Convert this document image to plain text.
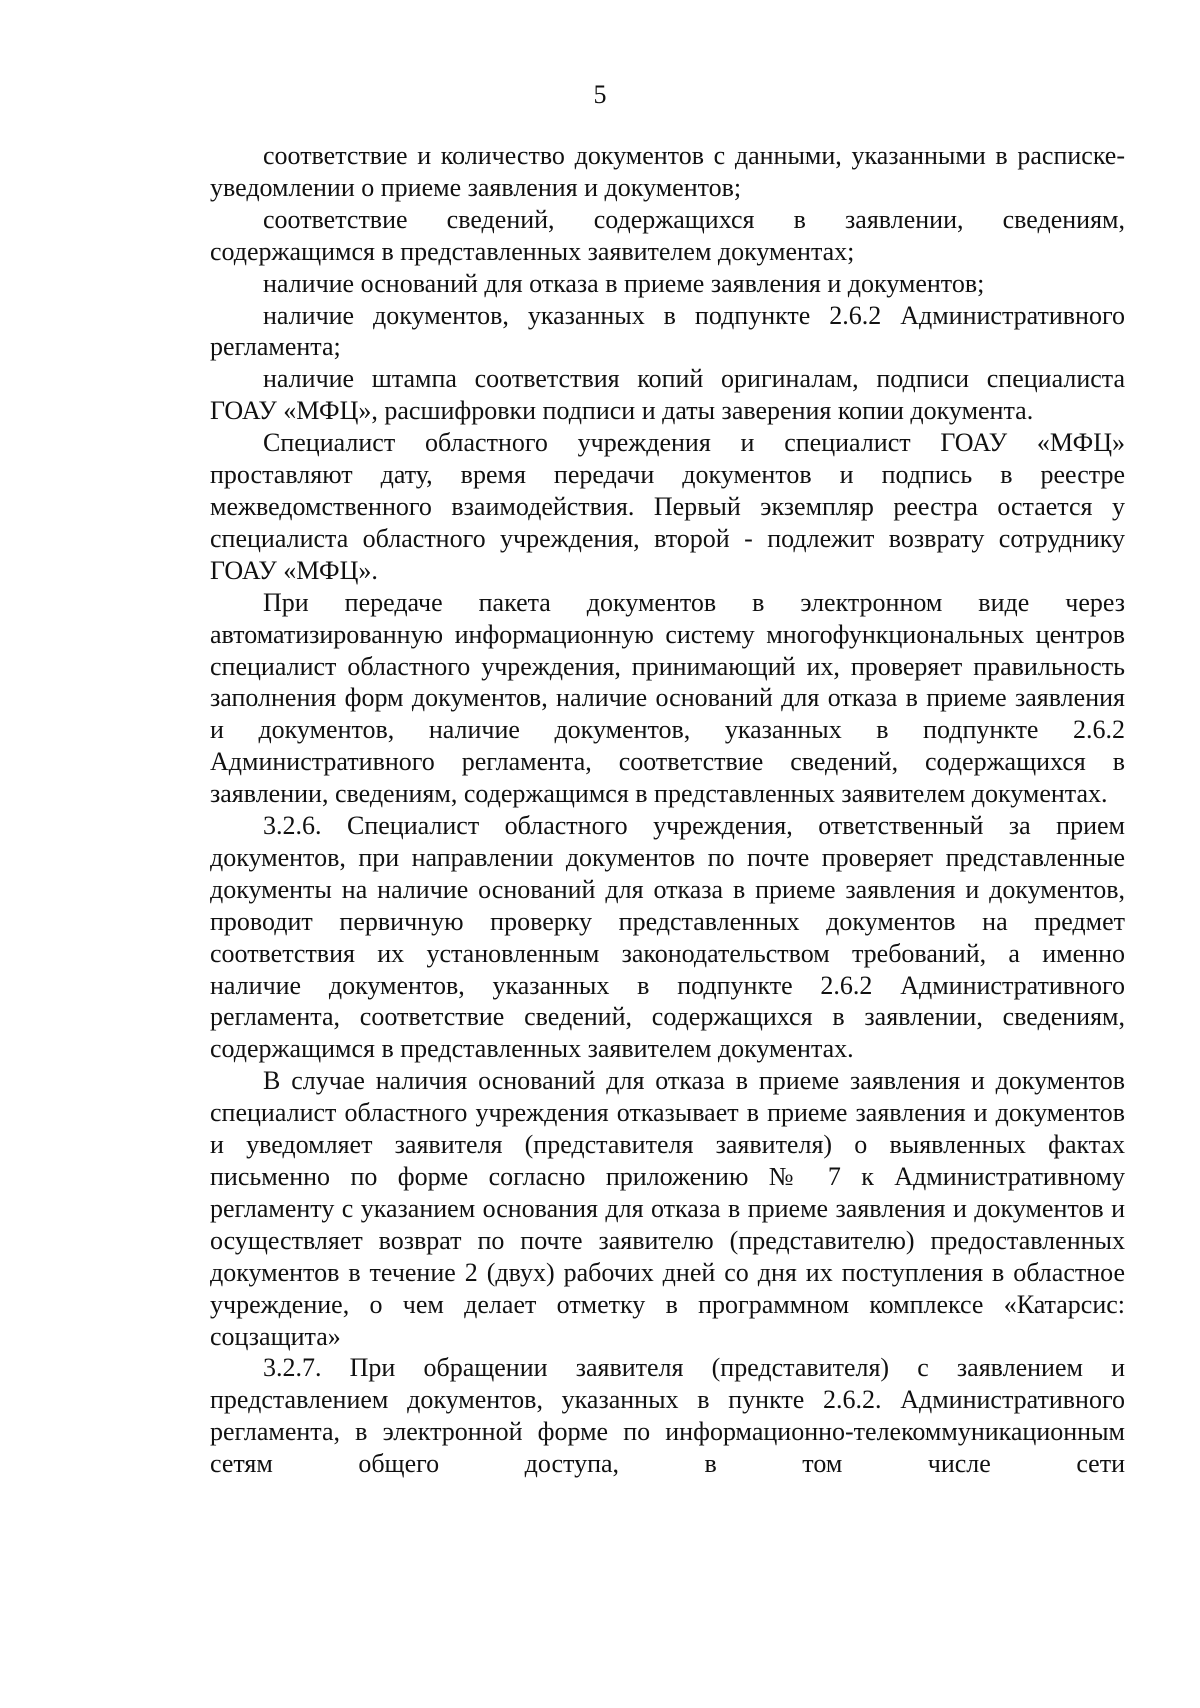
5

соответствие и количество документов с данными, указанными в расписке-уведомлении о приеме заявления и документов;

соответствие сведений, содержащихся в заявлении, сведениям, содержащимся в представленных заявителем документах;

наличие оснований для отказа в приеме заявления и документов;

наличие документов, указанных в подпункте 2.6.2 Административного регламента;

наличие штампа соответствия копий оригиналам, подписи специалиста ГОАУ «МФЦ», расшифровки подписи и даты заверения копии документа.

Специалист областного учреждения и специалист ГОАУ «МФЦ» проставляют дату, время передачи документов и подпись в реестре межведомственного взаимодействия. Первый экземпляр реестра остается у специалиста областного учреждения, второй - подлежит возврату сотруднику ГОАУ «МФЦ».

При передаче пакета документов в электронном виде через автоматизированную информационную систему многофункциональных центров специалист областного учреждения, принимающий их, проверяет правильность заполнения форм документов, наличие оснований для отказа в приеме заявления и документов, наличие документов, указанных в подпункте 2.6.2 Административного регламента, соответствие сведений, содержащихся в заявлении, сведениям, содержащимся в представленных заявителем документах.

3.2.6. Специалист областного учреждения, ответственный за прием документов, при направлении документов по почте проверяет представленные документы на наличие оснований для отказа в приеме заявления и документов, проводит первичную проверку представленных документов на предмет соответствия их установленным законодательством требований, а именно наличие документов, указанных в подпункте 2.6.2 Административного регламента, соответствие сведений, содержащихся в заявлении, сведениям, содержащимся в представленных заявителем документах.

В случае наличия оснований для отказа в приеме заявления и документов специалист областного учреждения отказывает в приеме заявления и документов и уведомляет заявителя (представителя заявителя) о выявленных фактах письменно по форме согласно приложению № 7 к Административному регламенту с указанием основания для отказа в приеме заявления и документов и осуществляет возврат по почте заявителю (представителю) предоставленных документов в течение 2 (двух) рабочих дней со дня их поступления в областное учреждение, о чем делает отметку в программном комплексе «Катарсис: соцзащита»

3.2.7. При обращении заявителя (представителя) с заявлением и представлением документов, указанных в пункте 2.6.2. Административного регламента, в электронной форме по информационно-телекоммуникационным сетям общего доступа, в том числе сети
